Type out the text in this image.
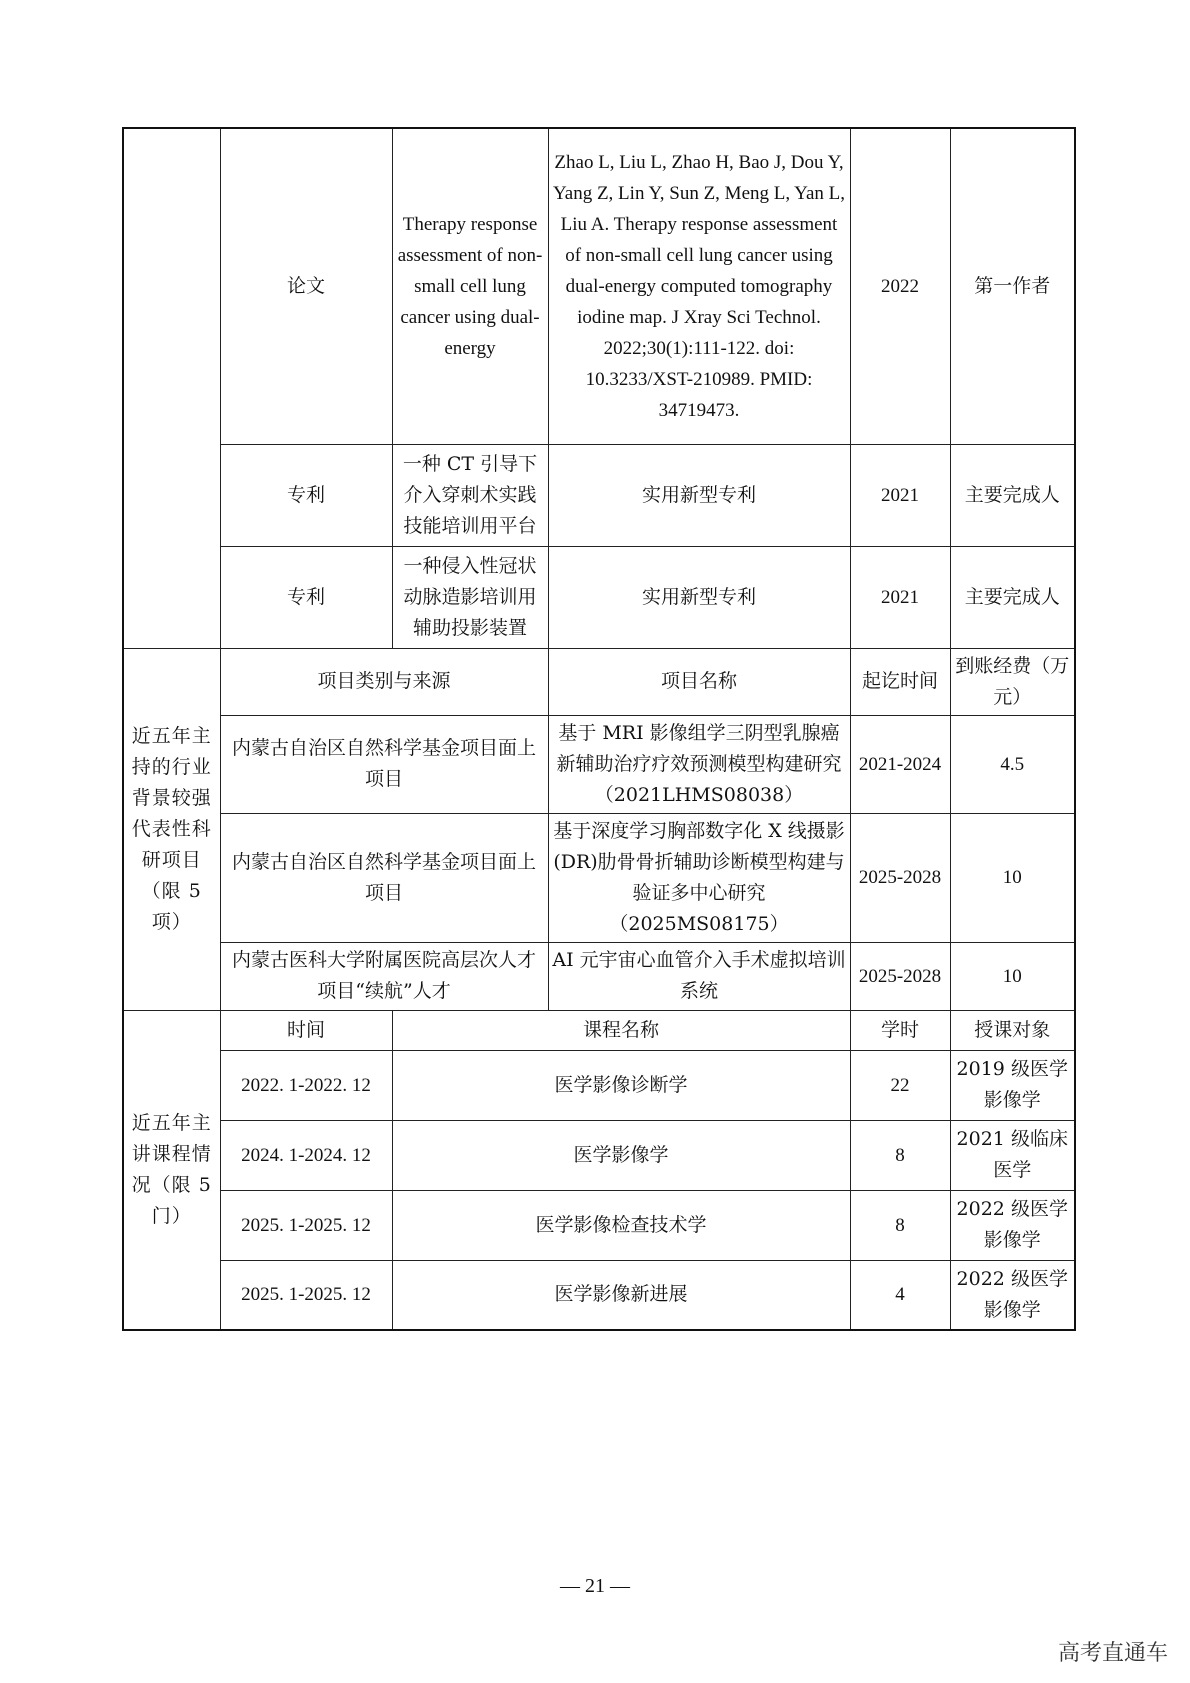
	论文	Therapy response assessment of non-small cell lung cancer using dual-energy	Zhao L, Liu L, Zhao H, Bao J, Dou Y, Yang Z, Lin Y, Sun Z, Meng L, Yan L, Liu A. Therapy response assessment of non-small cell lung cancer using dual-energy computed tomography iodine map. J Xray Sci Technol. 2022;30(1):111-122. doi: 10.3233/XST-210989. PMID: 34719473.	2022	第一作者
	专利	一种 CT 引导下介入穿刺术实践技能培训用平台	实用新型专利	2021	主要完成人
	专利	一种侵入性冠状动脉造影培训用辅助投影装置	实用新型专利	2021	主要完成人
近五年主持的行业背景较强代表性科研项目（限 5 项）	项目类别与来源		项目名称	起讫时间	到账经费（万元）
	内蒙古自治区自然科学基金项目面上项目		基于 MRI 影像组学三阴型乳腺癌新辅助治疗疗效预测模型构建研究（2021LHMS08038）	2021-2024	4.5
	内蒙古自治区自然科学基金项目面上项目		基于深度学习胸部数字化 X 线摄影(DR)肋骨骨折辅助诊断模型构建与验证多中心研究（2025MS08175）	2025-2028	10
	内蒙古医科大学附属医院高层次人才项目“续航”人才		AI 元宇宙心血管介入手术虚拟培训系统	2025-2028	10
近五年主讲课程情况（限 5 门）	时间	课程名称		学时	授课对象
	2022. 1-2022. 12	医学影像诊断学		22	2019 级医学影像学
	2024. 1-2024. 12	医学影像学		8	2021 级临床医学
	2025. 1-2025. 12	医学影像检查技术学		8	2022 级医学影像学
	2025. 1-2025. 12	医学影像新进展		4	2022 级医学影像学
— 21 —
高考直通车
